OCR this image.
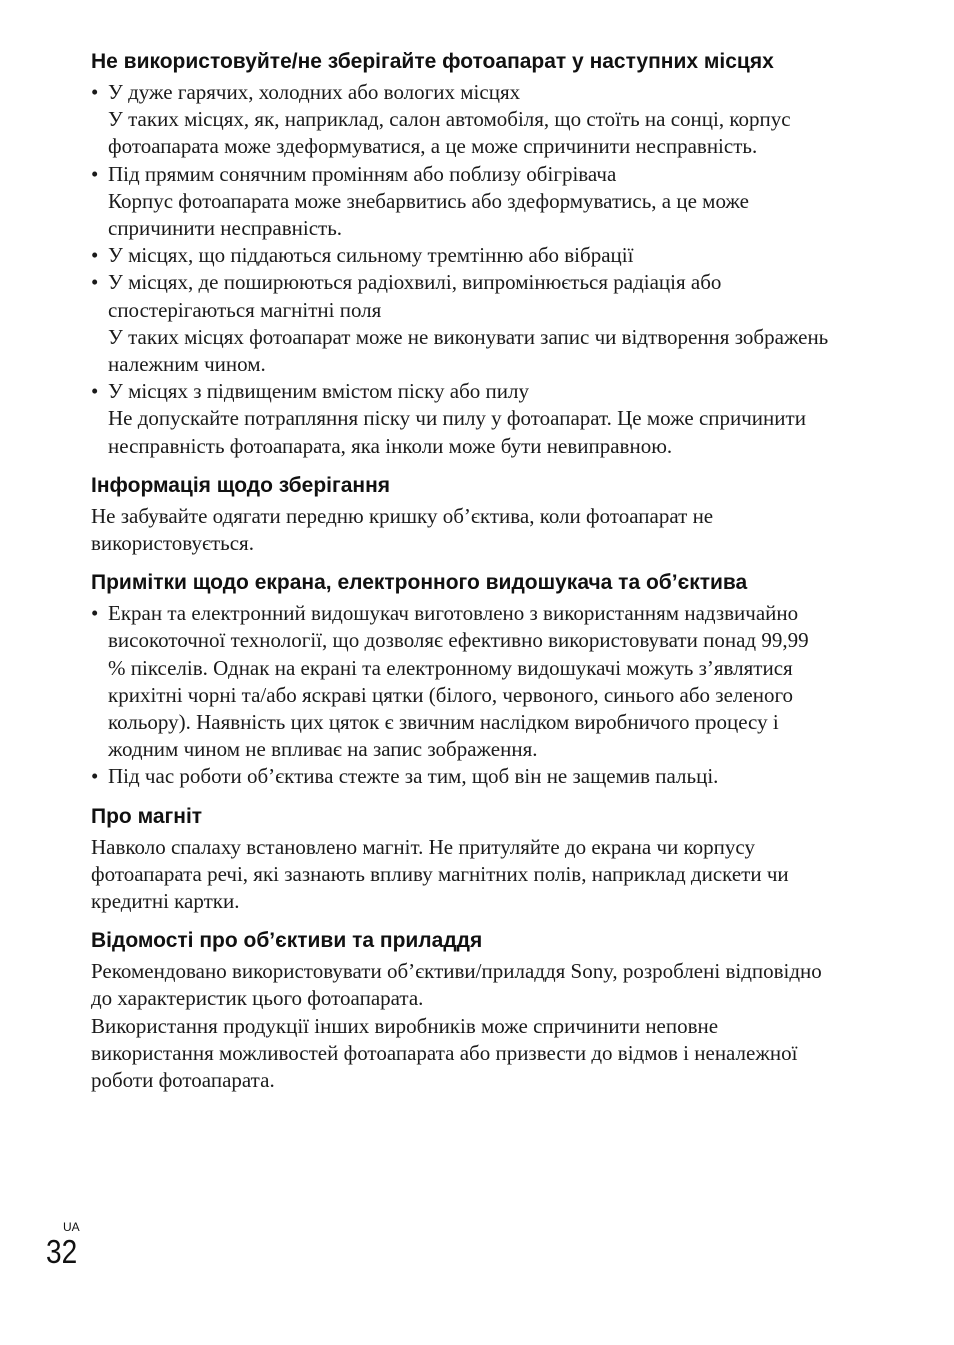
Не використовуйте/не зберігайте фотоапарат у наступних місцях
• У дуже гарячих, холодних або вологих місцях
У таких місцях, як, наприклад, салон автомобіля, що стоїть на сонці, корпус фотоапарата може здеформуватися, а це може спричинити несправність.
• Під прямим сонячним промінням або поблизу обігрівача
Корпус фотоапарата може знебарвитись або здеформуватись, а це може спричинити несправність.
• У місцях, що піддаються сильному тремтінню або вібрації
• У місцях, де поширюються радіохвилі, випромінюється радіація або спостерігаються магнітні поля
У таких місцях фотоапарат може не виконувати запис чи відтворення зображень належним чином.
• У місцях з підвищеним вмістом піску або пилу
Не допускайте потрапляння піску чи пилу у фотоапарат. Це може спричинити несправність фотоапарата, яка інколи може бути невиправною.
Інформація щодо зберігання

Не забувайте одягати передню кришку об’єктива, коли фотоапарат не використовується.

Примітки щодо екрана, електронного видошукача та об’єктива
• Екран та електронний видошукач виготовлено з використанням надзвичайно високоточної технології, що дозволяє ефективно використовувати понад 99,99 % пікселів. Однак на екрані та електронному видошукачі можуть з’являтися крихітні чорні та/або яскраві цятки (білого, червоного, синього або зеленого кольору). Наявність цих цяток є звичним наслідком виробничого процесу і жодним чином не впливає на запис зображення.
• Під час роботи об’єктива стежте за тим, щоб він не защемив пальці.
Про магніт

Навколо спалаху встановлено магніт. Не притуляйте до екрана чи корпусу фотоапарата речі, які зазнають впливу магнітних полів, наприклад дискети чи кредитні картки.

Відомості про об’єктиви та приладдя

Рекомендовано використовувати об’єктиви/приладдя Sony, розроблені відповідно до характеристик цього фотоапарата.

Використання продукції інших виробників може спричинити неповне використання можливостей фотоапарата або призвести до відмов і неналежної роботи фотоапарата.

UA
32
